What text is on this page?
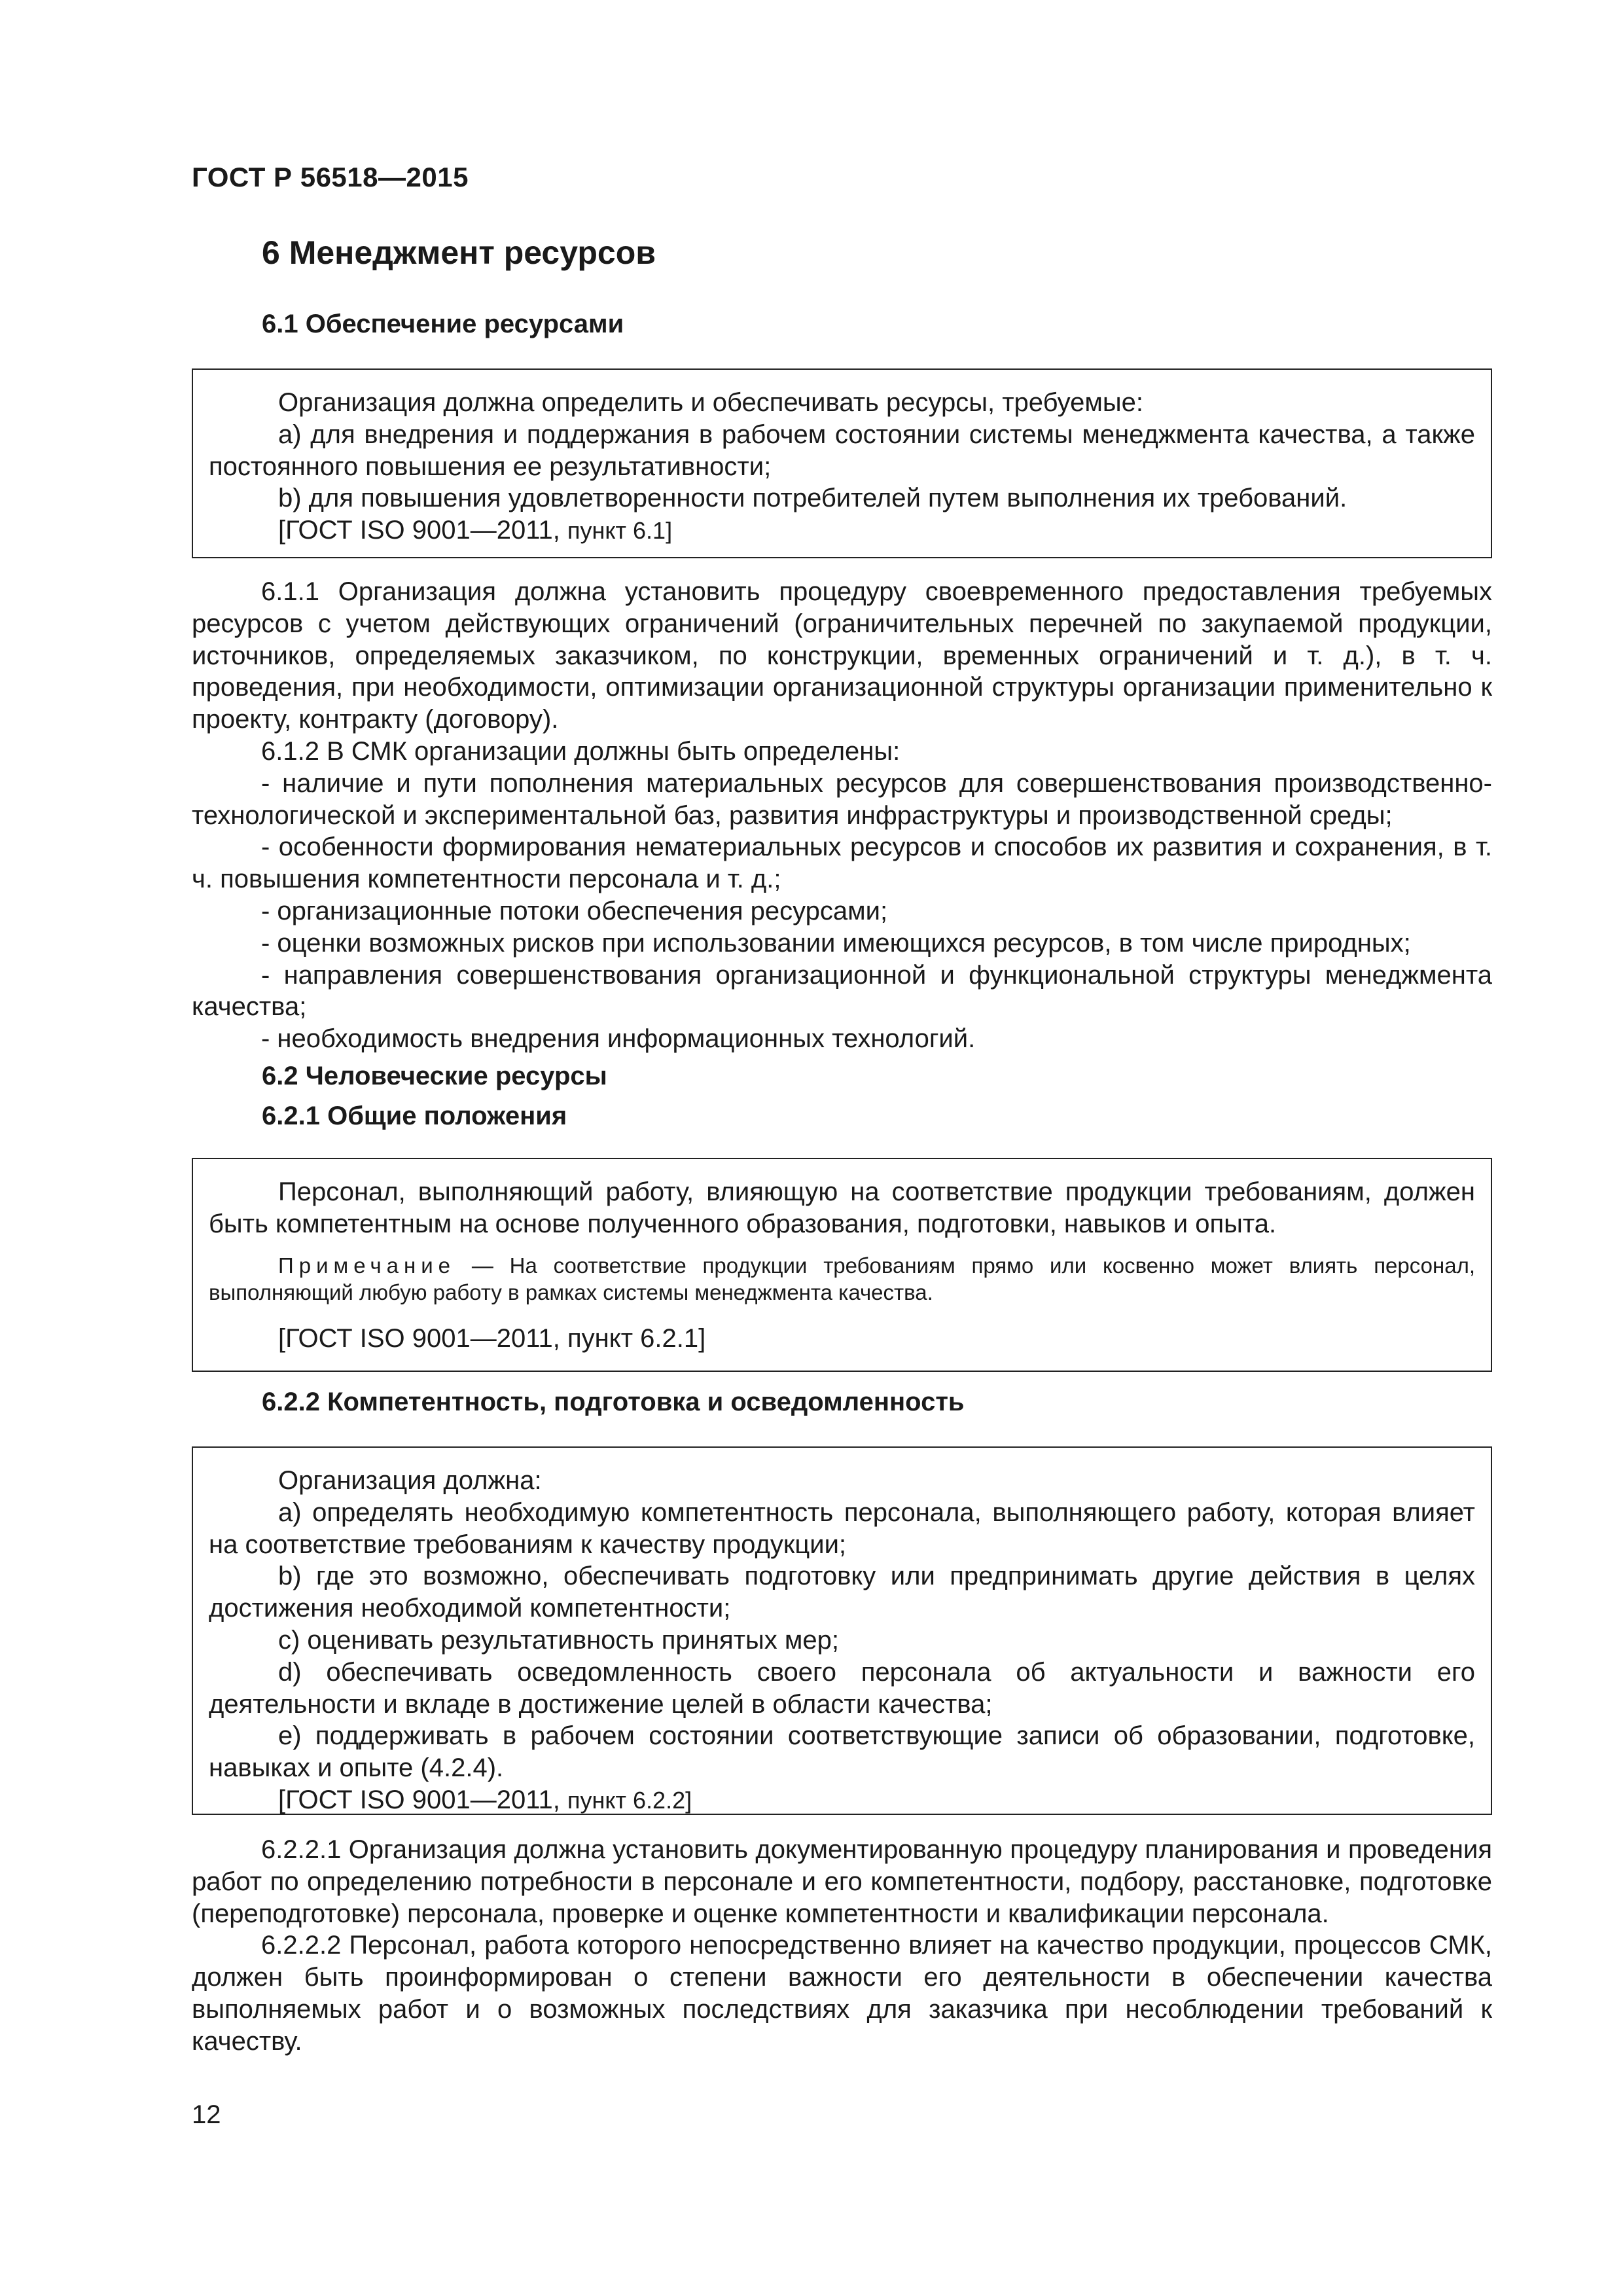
ГОСТ Р 56518—2015
6 Менеджмент ресурсов
6.1 Обеспечение ресурсами

Организация должна определить и обеспечивать ресурсы, требуемые:

a) для внедрения и поддержания в рабочем состоянии системы менеджмента качества, а также постоянного повышения ее результативности;

b) для повышения удовлетворенности потребителей путем выполнения их требований.

[ГОСТ ISO 9001—2011, пункт 6.1]

6.1.1 Организация должна установить процедуру своевременного предоставления требуемых ресурсов с учетом действующих ограничений (ограничительных перечней по закупаемой продукции, источников, определяемых заказчиком, по конструкции, временных ограничений и т. д.), в т. ч. проведения, при необходимости, оптимизации организационной структуры организации применительно к проекту, контракту (договору).

6.1.2 В СМК организации должны быть определены:

- наличие и пути пополнения материальных ресурсов для совершенствования производственно-технологической и экспериментальной баз, развития инфраструктуры и производственной среды;

- особенности формирования нематериальных ресурсов и способов их развития и сохранения, в т. ч. повышения компетентности персонала и т. д.;

- организационные потоки обеспечения ресурсами;

- оценки возможных рисков при использовании имеющихся ресурсов, в том числе природных;

- направления совершенствования организационной и функциональной структуры менеджмента качества;

- необходимость внедрения информационных технологий.

6.2 Человеческие ресурсы
6.2.1 Общие положения

Персонал, выполняющий работу, влияющую на соответствие продукции требованиям, должен быть компетентным на основе полученного образования, подготовки, навыков и опыта.

Примечание — На соответствие продукции требованиям прямо или косвенно может влиять персонал, выполняющий любую работу в рамках системы менеджмента качества.

[ГОСТ ISO 9001—2011, пункт 6.2.1]

6.2.2 Компетентность, подготовка и осведомленность

Организация должна:

a) определять необходимую компетентность персонала, выполняющего работу, которая влияет на соответствие требованиям к качеству продукции;

b) где это возможно, обеспечивать подготовку или предпринимать другие действия в целях достижения необходимой компетентности;

c) оценивать результативность принятых мер;

d) обеспечивать осведомленность своего персонала об актуальности и важности его деятельности и вкладе в достижение целей в области качества;

e) поддерживать в рабочем состоянии соответствующие записи об образовании, подготовке, навыках и опыте (4.2.4).

[ГОСТ ISO 9001—2011, пункт 6.2.2]

6.2.2.1 Организация должна установить документированную процедуру планирования и проведения работ по определению потребности в персонале и его компетентности, подбору, расстановке, подготовке (переподготовке) персонала, проверке и оценке компетентности и квалификации персонала.

6.2.2.2 Персонал, работа которого непосредственно влияет на качество продукции, процессов СМК, должен быть проинформирован о степени важности его деятельности в обеспечении качества выполняемых работ и о возможных последствиях для заказчика при несоблюдении требований к качеству.

12
